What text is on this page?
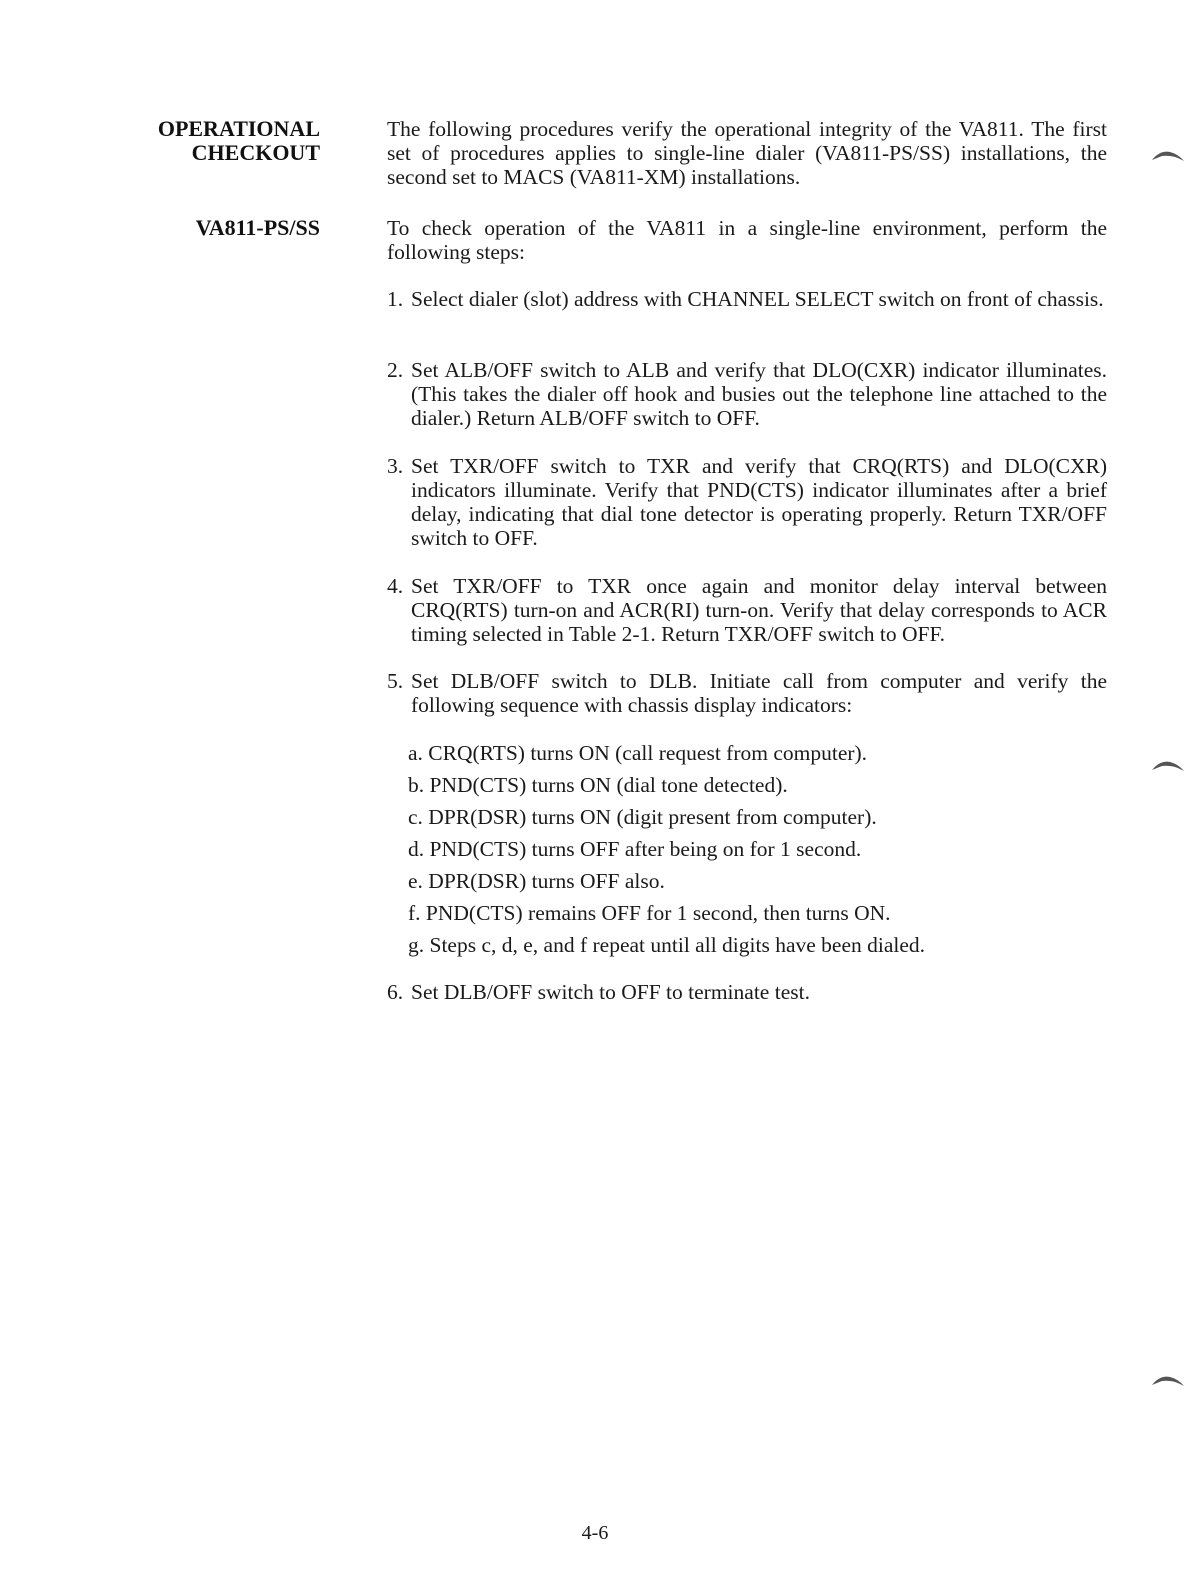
OPERATIONAL
CHECKOUT

The following procedures verify the operational integrity of the VA811. The first set of procedures applies to single-line dialer (VA811-PS/SS) installations, the second set to MACS (VA811-XM) installations.

VA811-PS/SS	To check operation of the VA811 in a single-line environment, perform the following steps:

1. Select dialer (slot) address with CHANNEL SELECT switch on front of chassis.
2. Set ALB/OFF switch to ALB and verify that DLO(CXR) indicator illuminates. (This takes the dialer off hook and busies out the telephone line attached to the dialer.) Return ALB/OFF switch to OFF.
3. Set TXR/OFF switch to TXR and verify that CRQ(RTS) and DLO(CXR) indicators illuminate. Verify that PND(CTS) indicator illuminates after a brief delay, indicating that dial tone detector is operating properly. Return TXR/OFF switch to OFF.
4. Set TXR/OFF to TXR once again and monitor delay interval between CRQ(RTS) turn-on and ACR(RI) turn-on. Verify that delay corresponds to ACR timing selected in Table 2-1. Return TXR/OFF switch to OFF.
5. Set DLB/OFF switch to DLB. Initiate call from computer and verify the following sequence with chassis display indicators:
a. CRQ(RTS) turns ON (call request from computer).
b. PND(CTS) turns ON (dial tone detected).
c. DPR(DSR) turns ON (digit present from computer).
d. PND(CTS) turns OFF after being on for 1 second.
e. DPR(DSR) turns OFF also.
f. PND(CTS) remains OFF for 1 second, then turns ON.
g. Steps c, d, e, and f repeat until all digits have been dialed.
6. Set DLB/OFF switch to OFF to terminate test.
4-6
